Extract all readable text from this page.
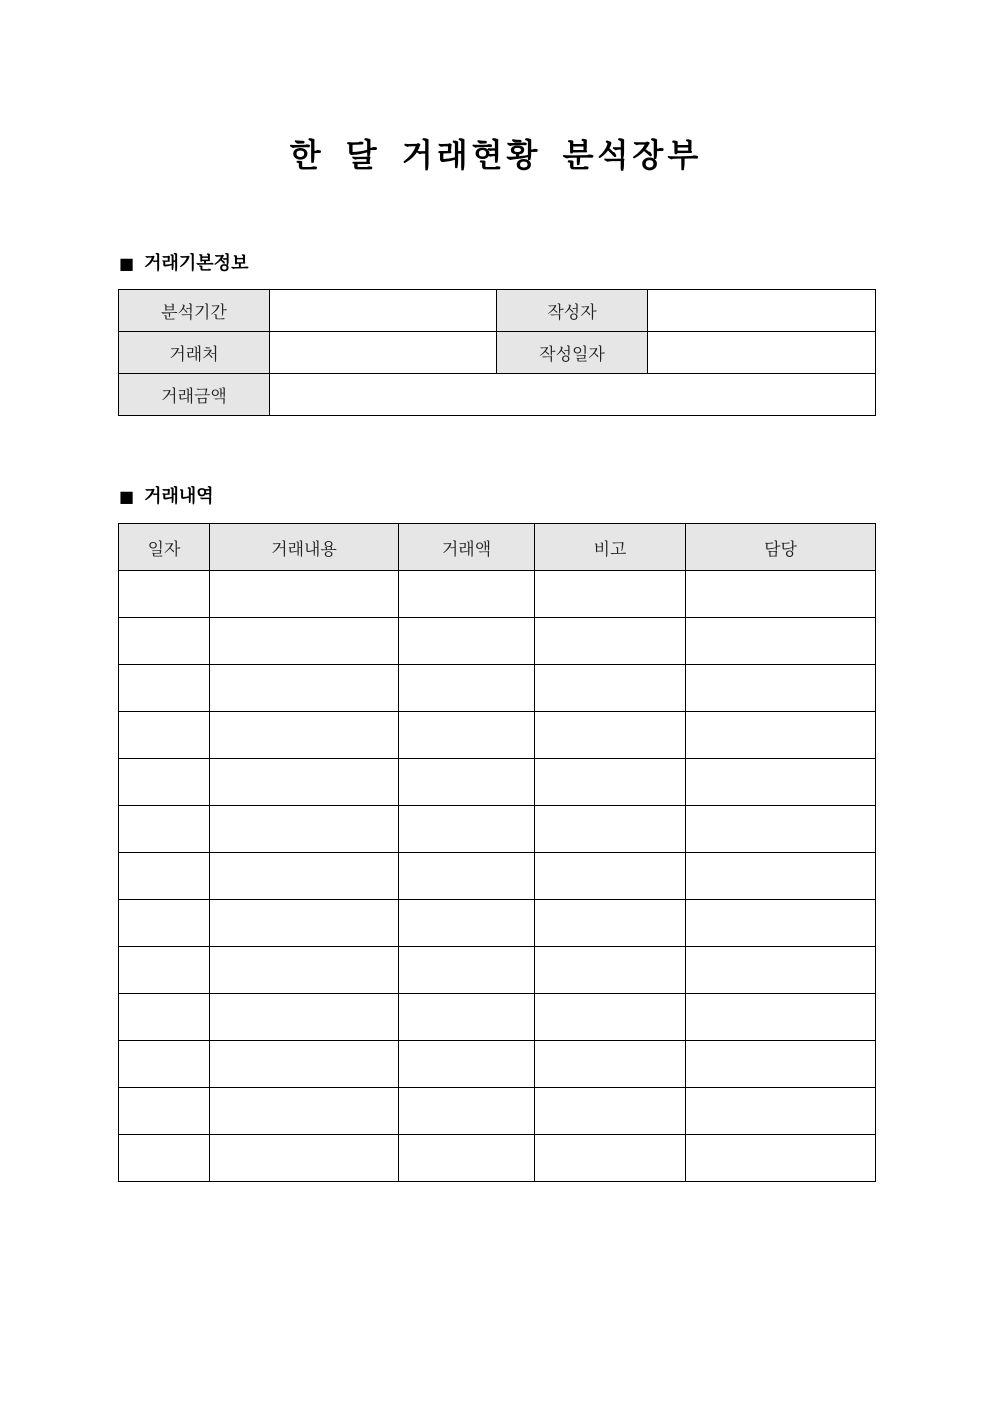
한 달 거래현황 분석장부
■ 거래기본정보
분석기간		작성자	
거래처		작성일자	
거래금액			
■ 거래내역
일자	거래내용	거래액	비고	담당
